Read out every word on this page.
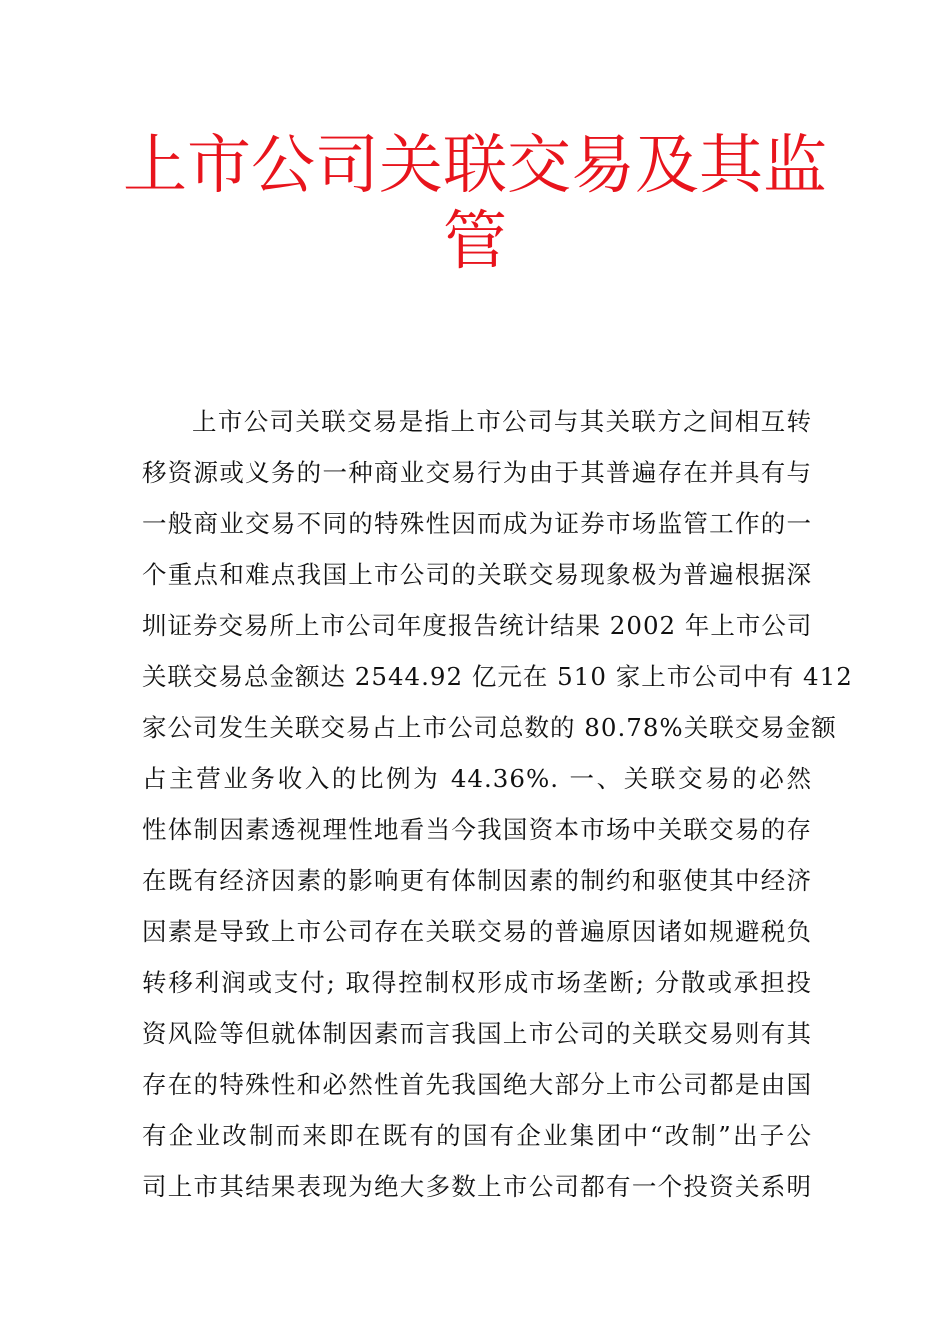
上市公司关联交易及其监
管
上市公司关联交易是指上市公司与其关联方之间相互转
移资源或义务的一种商业交易行为由于其普遍存在并具有与
一般商业交易不同的特殊性因而成为证券市场监管工作的一
个重点和难点我国上市公司的关联交易现象极为普遍根据深
圳证券交易所上市公司年度报告统计结果 2002 年上市公司
关联交易总金额达 2544.92 亿元在 510 家上市公司中有 412
家公司发生关联交易占上市公司总数的 80.78%关联交易金额
占主营业务收入的比例为 44.36%. 一、关联交易的必然
性体制因素透视理性地看当今我国资本市场中关联交易的存
在既有经济因素的影响更有体制因素的制约和驱使其中经济
因素是导致上市公司存在关联交易的普遍原因诸如规避税负
转移利润或支付; 取得控制权形成市场垄断; 分散或承担投
资风险等但就体制因素而言我国上市公司的关联交易则有其
存在的特殊性和必然性首先我国绝大部分上市公司都是由国
有企业改制而来即在既有的国有企业集团中“改制”出子公
司上市其结果表现为绝大多数上市公司都有一个投资关系明
